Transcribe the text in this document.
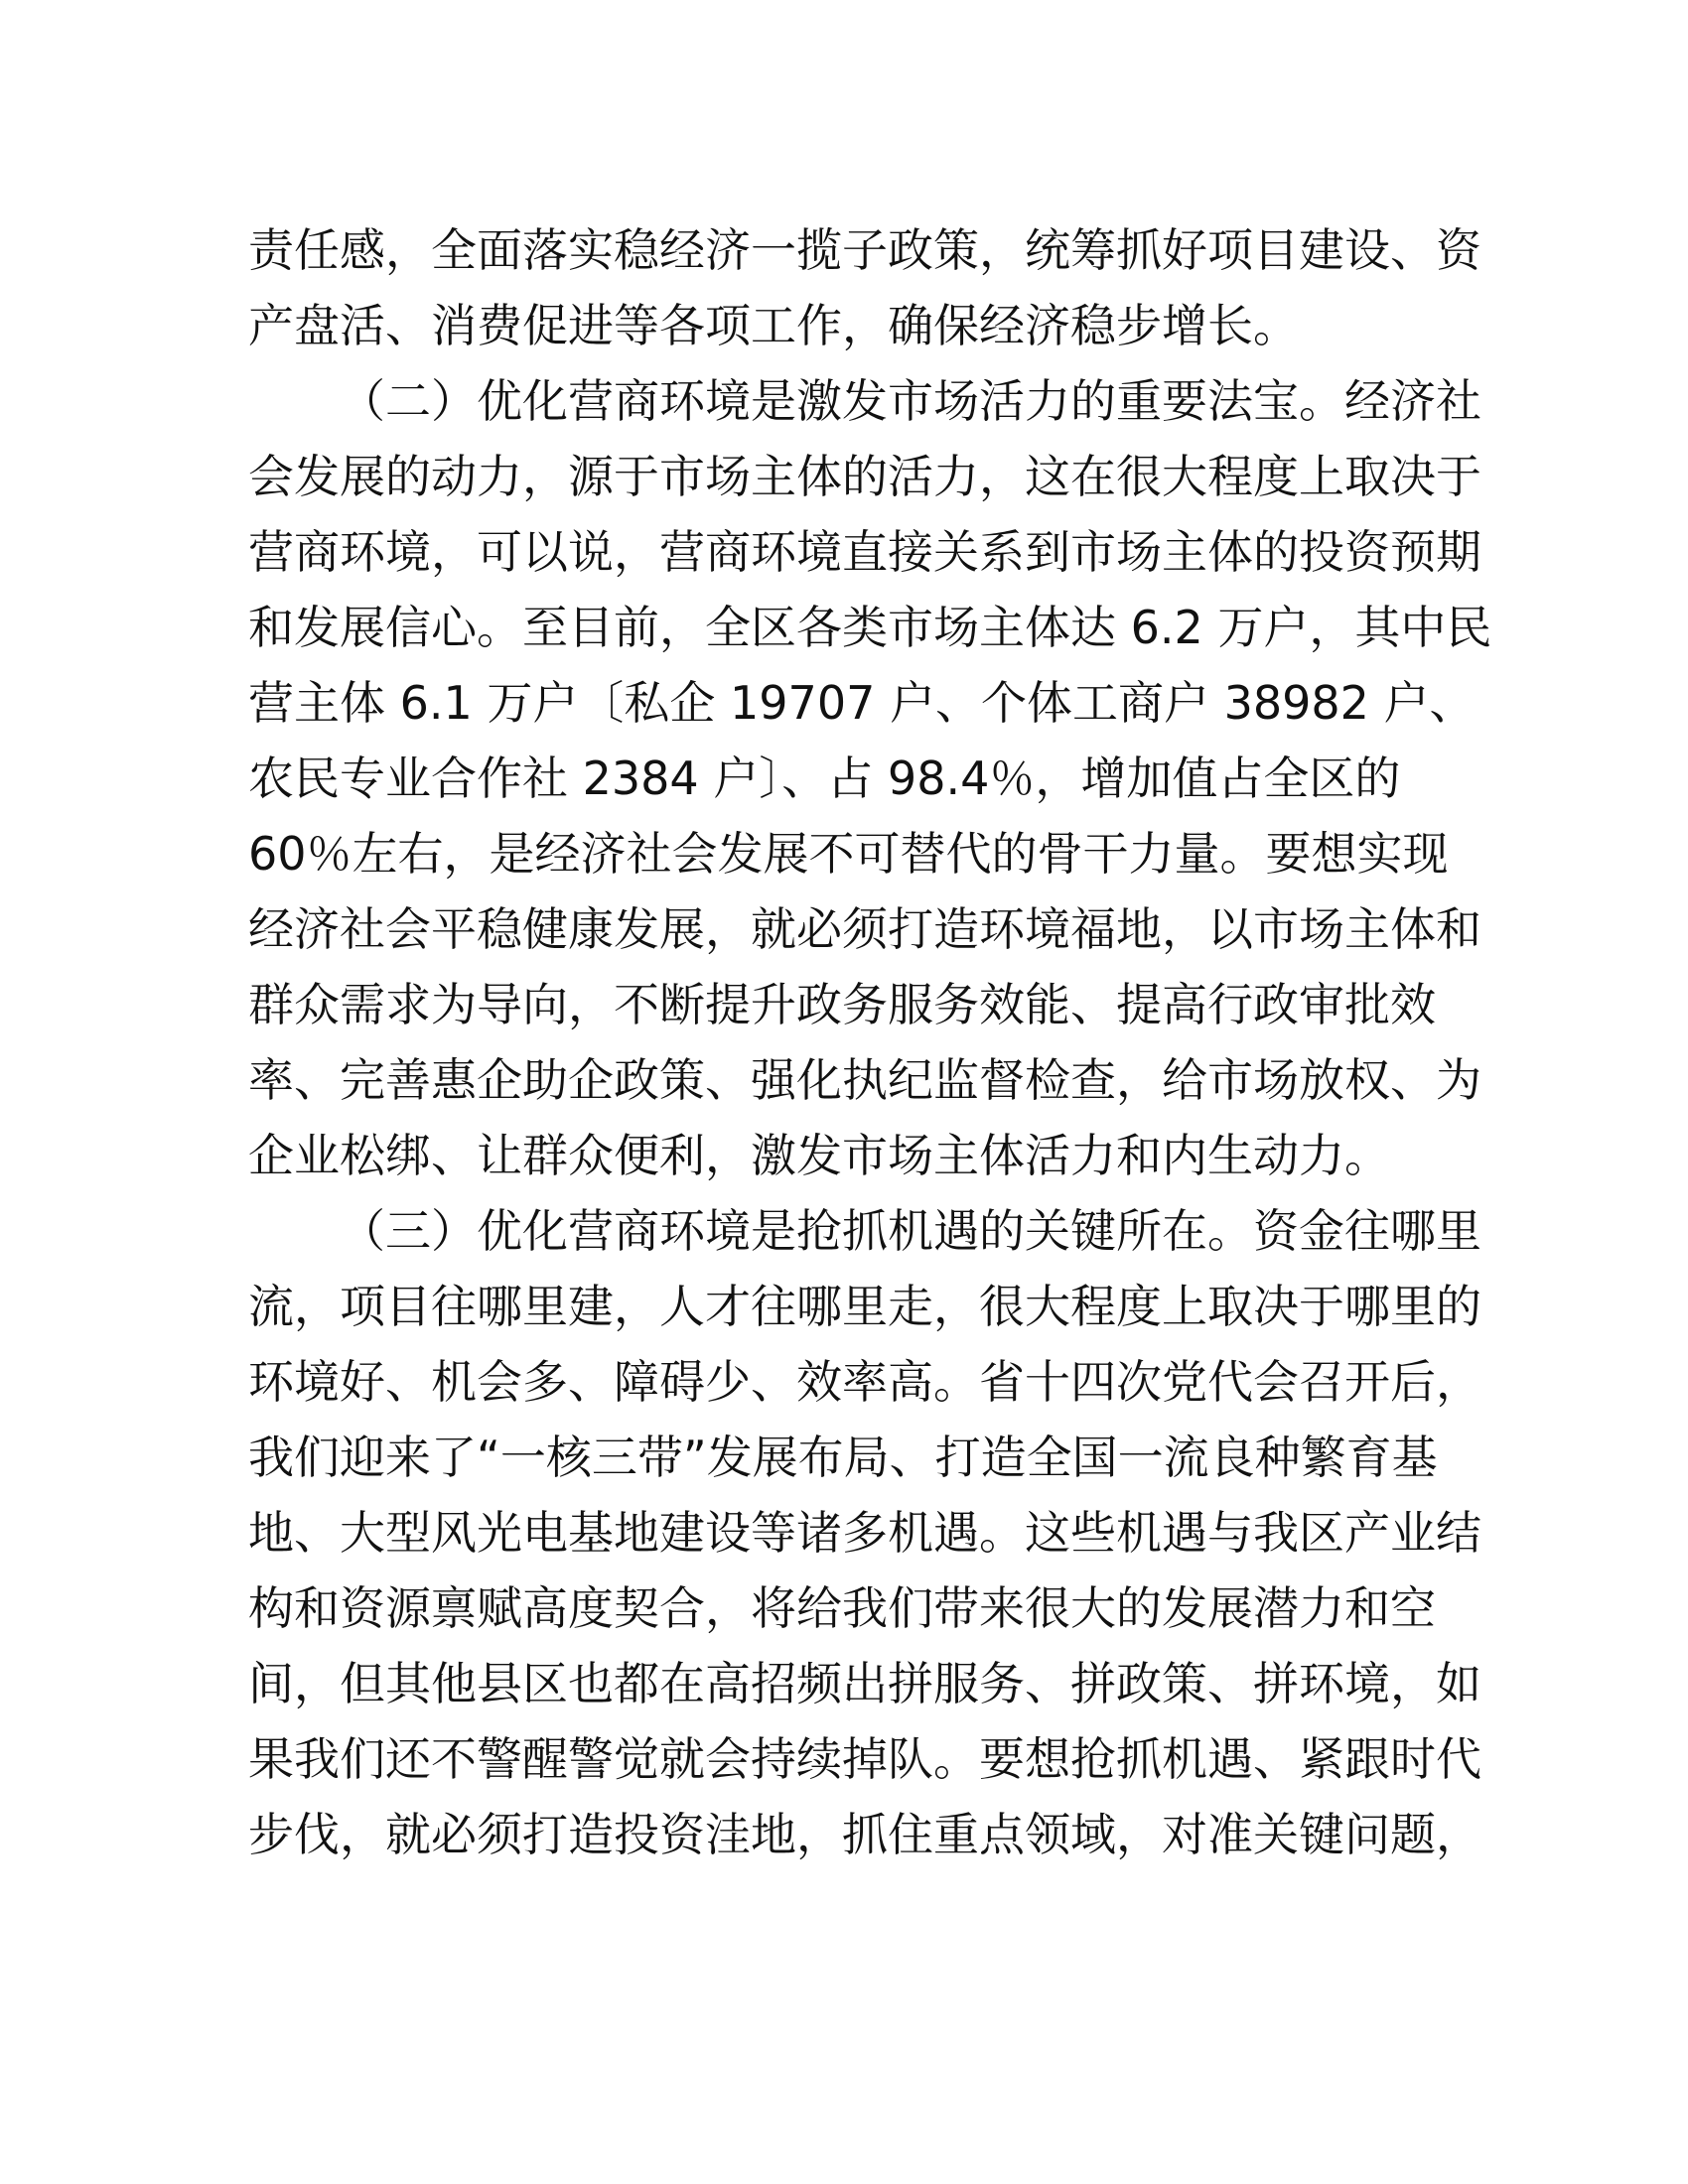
责任感，全面落实稳经济一揽子政策，统筹抓好项目建设、资
产盘活、消费促进等各项工作，确保经济稳步增长。
（二）优化营商环境是激发市场活力的重要法宝。经济社
会发展的动力，源于市场主体的活力，这在很大程度上取决于
营商环境，可以说，营商环境直接关系到市场主体的投资预期
和发展信心。至目前，全区各类市场主体达 6.2 万户，其中民
营主体 6.1 万户〔私企 19707 户、个体工商户 38982 户、
农民专业合作社 2384 户〕、占 98.4％，增加值占全区的
60％左右，是经济社会发展不可替代的骨干力量。要想实现
经济社会平稳健康发展，就必须打造环境福地，以市场主体和
群众需求为导向，不断提升政务服务效能、提高行政审批效
率、完善惠企助企政策、强化执纪监督检查，给市场放权、为
企业松绑、让群众便利，激发市场主体活力和内生动力。
（三）优化营商环境是抢抓机遇的关键所在。资金往哪里
流，项目往哪里建，人才往哪里走，很大程度上取决于哪里的
环境好、机会多、障碍少、效率高。省十四次党代会召开后，
我们迎来了“一核三带”发展布局、打造全国一流良种繁育基
地、大型风光电基地建设等诸多机遇。这些机遇与我区产业结
构和资源禀赋高度契合，将给我们带来很大的发展潜力和空
间，但其他县区也都在高招频出拼服务、拼政策、拼环境，如
果我们还不警醒警觉就会持续掉队。要想抢抓机遇、紧跟时代
步伐，就必须打造投资洼地，抓住重点领域，对准关键问题，
